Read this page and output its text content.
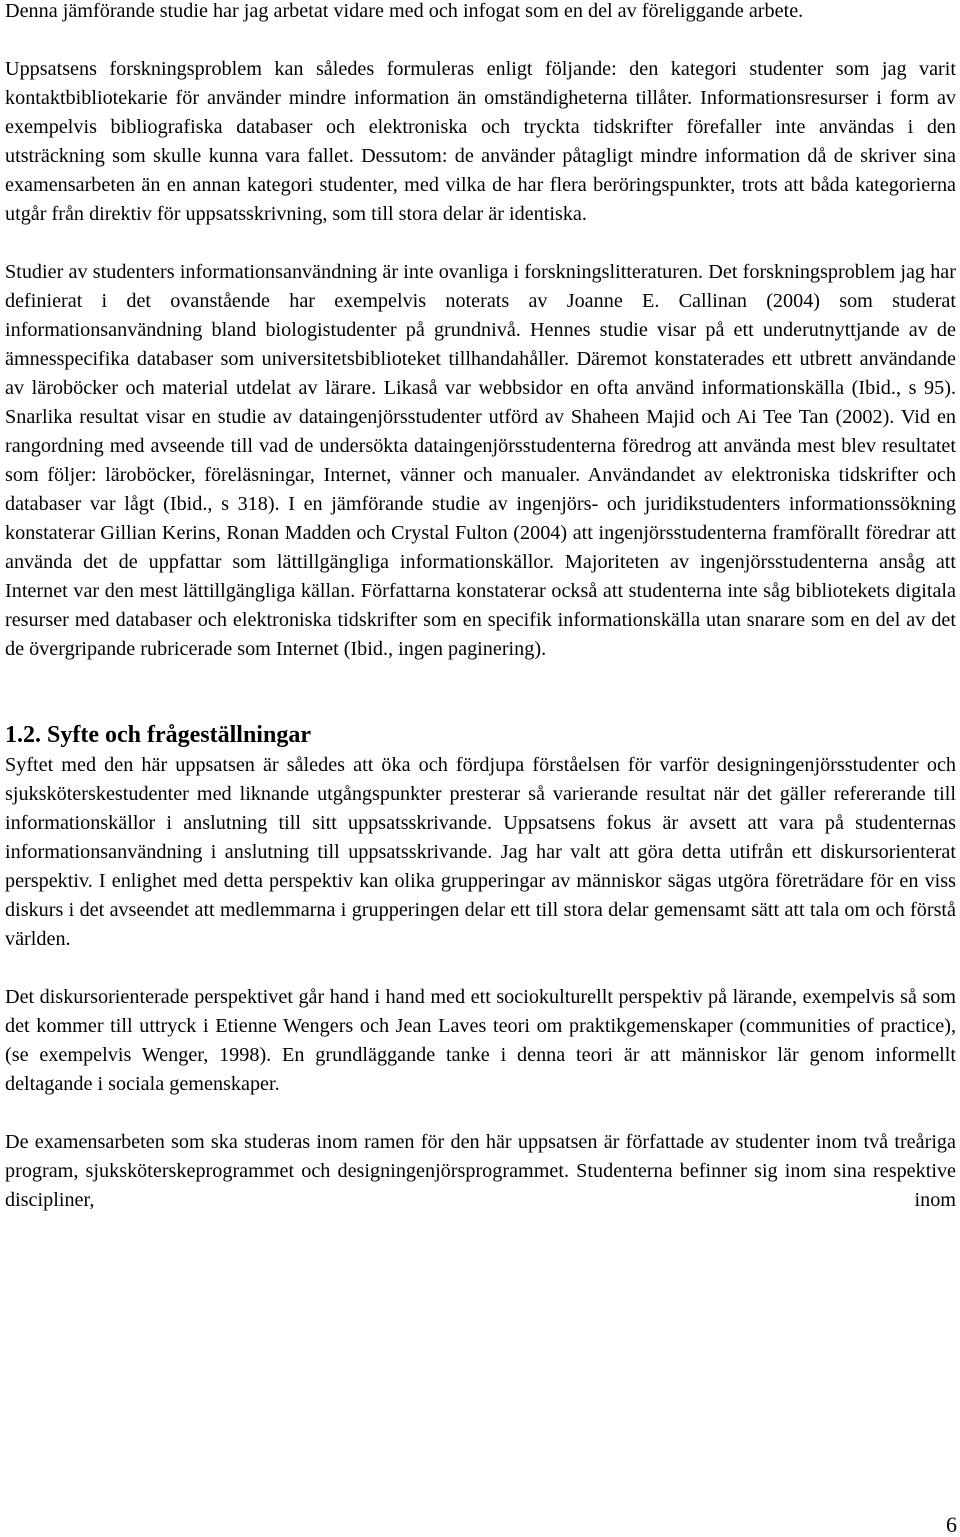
Denna jämförande studie har jag arbetat vidare med och infogat som en del av föreliggande arbete.

Uppsatsens forskningsproblem kan således formuleras enligt följande: den kategori studenter som jag varit kontaktbibliotekarie för använder mindre information än omständigheterna tillåter. Informationsresurser i form av exempelvis bibliografiska databaser och elektroniska och tryckta tidskrifter förefaller inte användas i den utsträckning som skulle kunna vara fallet. Dessutom: de använder påtagligt mindre information då de skriver sina examensarbeten än en annan kategori studenter, med vilka de har flera beröringspunkter, trots att båda kategorierna utgår från direktiv för uppsatsskrivning, som till stora delar är identiska.

Studier av studenters informationsanvändning är inte ovanliga i forskningslitteraturen. Det forskningsproblem jag har definierat i det ovanstående har exempelvis noterats av Joanne E. Callinan (2004) som studerat informationsanvändning bland biologistudenter på grundnivå. Hennes studie visar på ett underutnyttjande av de ämnesspecifika databaser som universitetsbiblioteket tillhandahåller. Däremot konstaterades ett utbrett användande av läroböcker och material utdelat av lärare. Likaså var webbsidor en ofta använd informationskälla (Ibid., s 95). Snarlika resultat visar en studie av dataingenjörsstudenter utförd av Shaheen Majid och Ai Tee Tan (2002). Vid en rangordning med avseende till vad de undersökta dataingenjörsstudenterna föredrog att använda mest blev resultatet som följer: läroböcker, föreläsningar, Internet, vänner och manualer. Användandet av elektroniska tidskrifter och databaser var lågt (Ibid., s 318). I en jämförande studie av ingenjörs- och juridikstudenters informationssökning konstaterar Gillian Kerins, Ronan Madden och Crystal Fulton (2004) att ingenjörsstudenterna framförallt föredrar att använda det de uppfattar som lättillgängliga informationskällor. Majoriteten av ingenjörsstudenterna ansåg att Internet var den mest lättillgängliga källan. Författarna konstaterar också att studenterna inte såg bibliotekets digitala resurser med databaser och elektroniska tidskrifter som en specifik informationskälla utan snarare som en del av det de övergripande rubricerade som Internet (Ibid., ingen paginering).

1.2. Syfte och frågeställningar

Syftet med den här uppsatsen är således att öka och fördjupa förståelsen för varför designingenjörsstudenter och sjuksköterskestudenter med liknande utgångspunkter presterar så varierande resultat när det gäller refererande till informationskällor i anslutning till sitt uppsatsskrivande. Uppsatsens fokus är avsett att vara på studenternas informationsanvändning i anslutning till uppsatsskrivande. Jag har valt att göra detta utifrån ett diskursorienterat perspektiv. I enlighet med detta perspektiv kan olika grupperingar av människor sägas utgöra företrädare för en viss diskurs i det avseendet att medlemmarna i grupperingen delar ett till stora delar gemensamt sätt att tala om och förstå världen.

Det diskursorienterade perspektivet går hand i hand med ett sociokulturellt perspektiv på lärande, exempelvis så som det kommer till uttryck i Etienne Wengers och Jean Laves teori om praktikgemenskaper (communities of practice), (se exempelvis Wenger, 1998). En grundläggande tanke i denna teori är att människor lär genom informellt deltagande i sociala gemenskaper.

De examensarbeten som ska studeras inom ramen för den här uppsatsen är författade av studenter inom två treåriga program, sjuksköterskeprogrammet och designingenjörsprogrammet. Studenterna befinner sig inom sina respektive discipliner, inom

6
